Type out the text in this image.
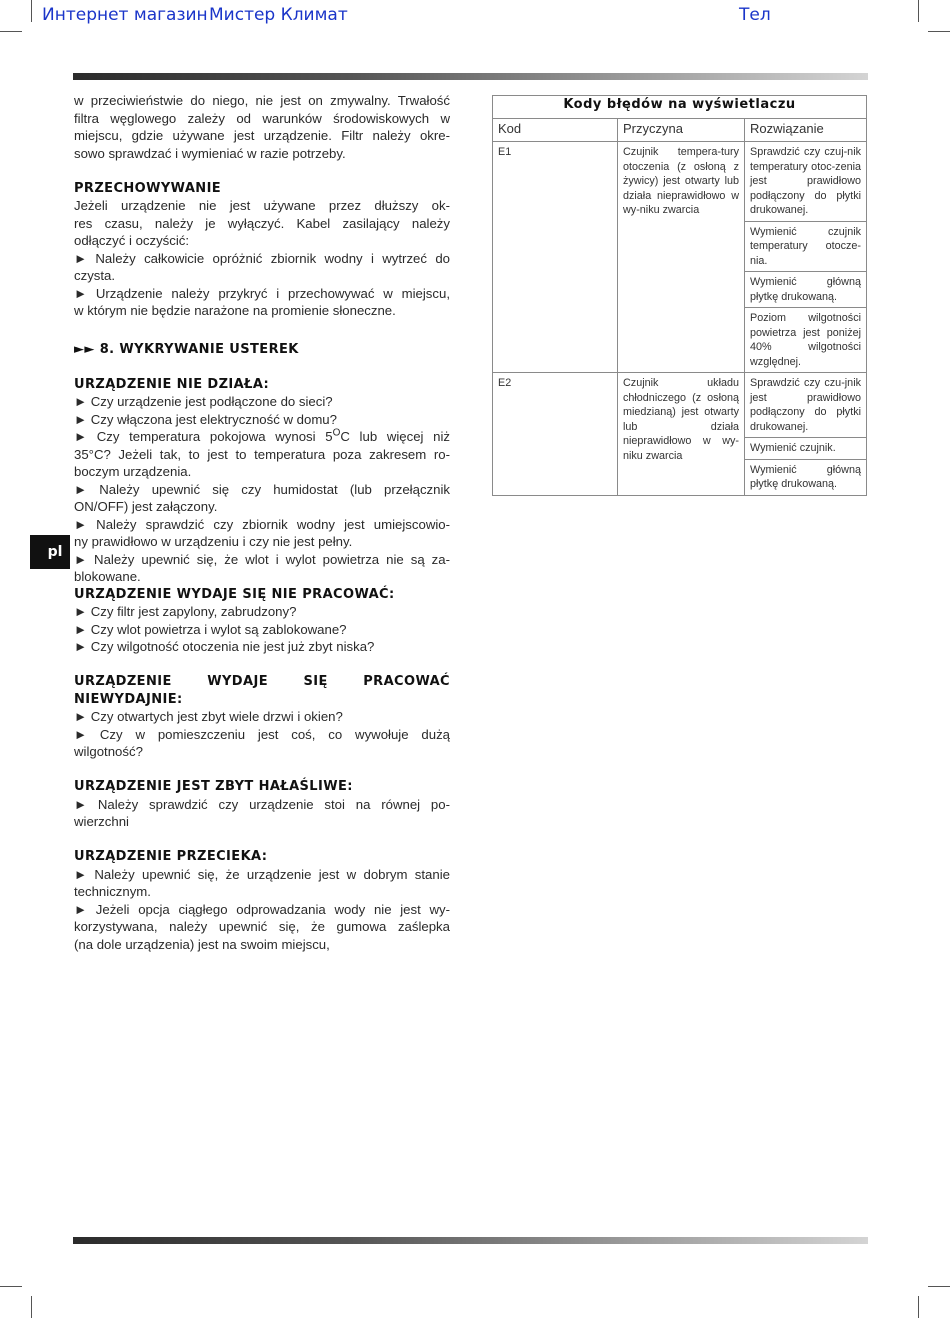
Интернет магазин Мистер Климат	Тел
pl

w przeciwieństwie do niego, nie jest on zmywalny. Trwałość

filtra węglowego zależy od warunków środowiskowych w

miejscu, gdzie używane jest urządzenie. Filtr należy okre-

sowo sprawdzać i wymieniać w razie potrzeby.

PRZECHOWYWANIE

Jeżeli urządzenie nie jest używane przez dłuższy ok-

res czasu, należy je wyłączyć. Kabel zasilający należy

odłączyć i oczyścić:

► Należy całkowicie opróżnić zbiornik wodny i wytrzeć do

czysta.

► Urządzenie należy przykryć i przechowywać w miejscu,

w którym nie będzie narażone na promienie słoneczne.

►► 8. WYKRYWANIE USTEREK

URZĄDZENIE NIE DZIAŁA:

► Czy urządzenie jest podłączone do sieci?

► Czy włączona jest elektryczność w domu?

► Czy temperatura pokojowa wynosi $5^OC$ lub więcej niż

35°C? Jeżeli tak, to jest to temperatura poza zakresem ro-

boczym urządzenia.

► Należy upewnić się czy humidostat (lub przełącznik

ON/OFF) jest załączony.

► Należy sprawdzić czy zbiornik wodny jest umiejscowio-

ny prawidłowo w urządzeniu i czy nie jest pełny.

► Należy upewnić się, że wlot i wylot powietrza nie są za-

blokowane.

URZĄDZENIE WYDAJE SIĘ NIE PRACOWAĆ:

► Czy filtr jest zapylony, zabrudzony?

► Czy wlot powietrza i wylot są zablokowane?

► Czy wilgotność otoczenia nie jest już zbyt niska?

URZĄDZENIE WYDAJE SIĘ PRACOWAĆ

NIEWYDAJNIE:

► Czy otwartych jest zbyt wiele drzwi i okien?

► Czy w pomieszczeniu jest coś, co wywołuje dużą

wilgotność?

URZĄDZENIE JEST ZBYT HAŁAŚLIWE:

► Należy sprawdzić czy urządzenie stoi na równej po-

wierzchni

URZĄDZENIE PRZECIEKA:

► Należy upewnić się, że urządzenie jest w dobrym stanie

technicznym.

► Jeżeli opcja ciągłego odprowadzania wody nie jest wy-

korzystywana, należy upewnić się, że gumowa zaślepka

(na dole urządzenia) jest na swoim miejscu,

Kody błędów na wyświetlaczu		
Kod	Przyczyna	Rozwiązanie
E1	Czujnik tempera-tury otoczenia (z osłoną z żywicy) jest otwarty lub działa nieprawidłowo w wy-niku zwarcia	Sprawdzić czy czuj-nik temperatury otoc-zenia jest prawidłowo podłączony do płytki drukowanej.
		Wymienić czujnik temperatury otocze-nia.
		Wymienić główną płytkę drukowaną.
		Poziom wilgotności powietrza jest poniżej 40% wilgotności względnej.
E2	Czujnik układu chłodniczego (z osłoną miedzianą) jest otwarty lub działa nieprawidłowo w wy-niku zwarcia	Sprawdzić czy czu-jnik jest prawidłowo podłączony do płytki drukowanej.
		Wymienić czujnik.
		Wymienić główną płytkę drukowaną.
